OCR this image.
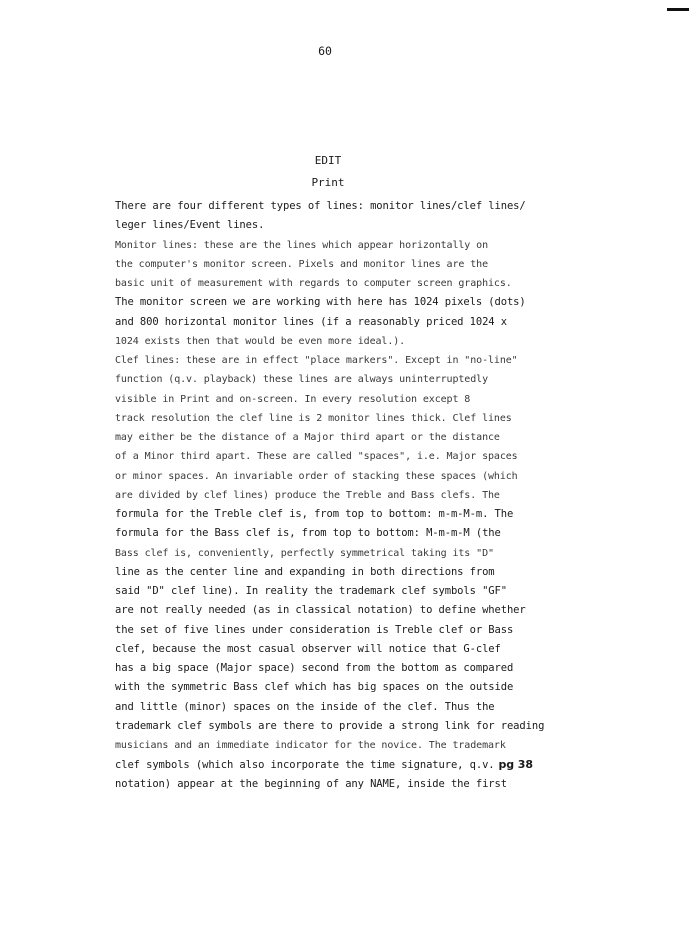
60
EDIT
Print
There are four different types of lines: monitor lines/clef lines/
leger lines/Event lines.
Monitor lines: these are the lines which appear horizontally on
the computer's monitor screen. Pixels and monitor lines are the
basic unit of measurement with regards to computer screen graphics.
The monitor screen we are working with here has 1024 pixels (dots)
and 800 horizontal monitor lines (if a reasonably priced 1024 x
1024 exists then that would be even more ideal.).
Clef lines: these are in effect "place markers". Except in "no-line"
function (q.v. playback) these lines are always uninterruptedly
visible in Print and on-screen. In every resolution except 8
track resolution the clef line is 2 monitor lines thick. Clef lines
may either be the distance of a Major third apart or the distance
of a Minor third apart. These are called "spaces", i.e. Major spaces
or minor spaces. An invariable order of stacking these spaces (which
are divided by clef lines) produce the Treble and Bass clefs. The
formula for the Treble clef is, from top to bottom: m-m-M-m. The
formula for the Bass clef is, from top to bottom: M-m-m-M (the
Bass clef is, conveniently, perfectly symmetrical taking its "D"
line as the center line and expanding in both directions from
said "D" clef line). In reality the trademark clef symbols "GF"
are not really needed (as in classical notation) to define whether
the set of five lines under consideration is Treble clef or Bass
clef, because the most casual observer will notice that G-clef
has a big space (Major space) second from the bottom as compared
with the symmetric Bass clef which has big spaces on the outside
and little (minor) spaces on the inside of the clef. Thus the
trademark clef symbols are there to provide a strong link for reading
musicians and an immediate indicator for the novice. The trademark
clef symbols (which also incorporate the time signature, q.v. pg 38
notation) appear at the beginning of any NAME, inside the first
